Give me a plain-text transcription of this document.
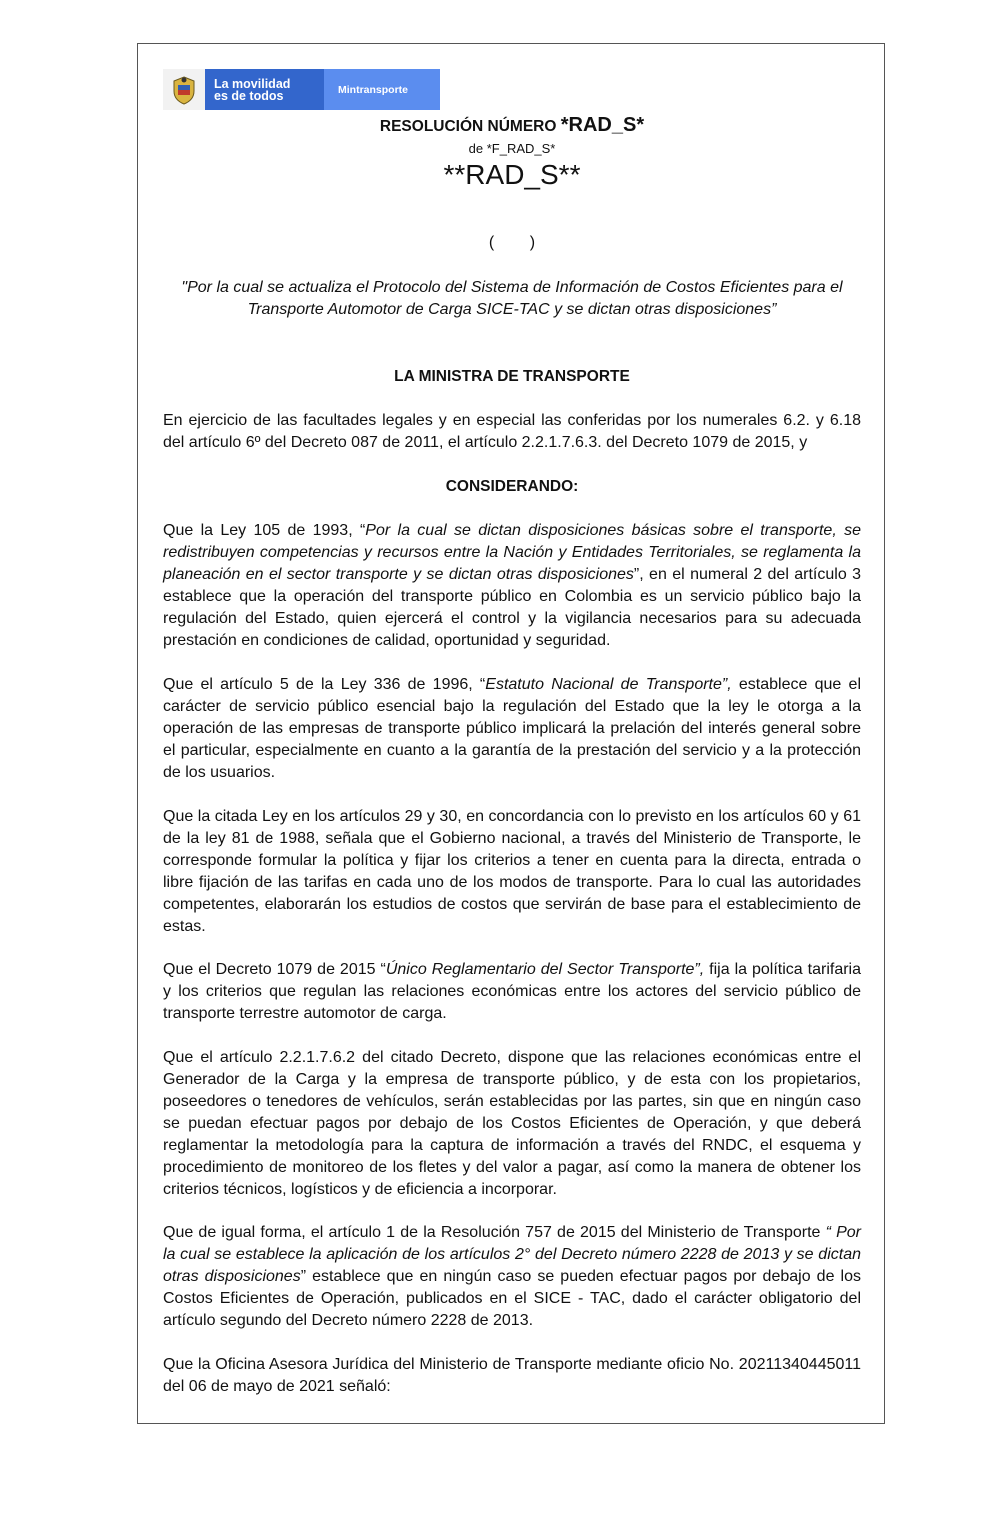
La movilidad
es de todos	Mintransporte
RESOLUCIÓN NÚMERO *RAD_S*
de *F_RAD_S*
**RAD_S**
(        )
"Por la cual se actualiza el Protocolo del Sistema de Información de Costos Eficientes para el Transporte Automotor de Carga SICE-TAC y se dictan otras disposiciones”
LA MINISTRA DE TRANSPORTE

En ejercicio de las facultades legales y en especial las conferidas por los numerales 6.2. y 6.18 del artículo 6º del Decreto 087 de 2011, el artículo 2.2.1.7.6.3. del Decreto 1079 de 2015, y

CONSIDERANDO:

Que la Ley 105 de 1993, “Por la cual se dictan disposiciones básicas sobre el transporte, se redistribuyen competencias y recursos entre la Nación y Entidades Territoriales, se reglamenta la planeación en el sector transporte y se dictan otras disposiciones”, en el numeral 2 del artículo 3 establece que la operación del transporte público en Colombia es un servicio público bajo la regulación del Estado, quien ejercerá el control y la vigilancia necesarios para su adecuada prestación en condiciones de calidad, oportunidad y seguridad.

Que el artículo 5 de la Ley 336 de 1996, “Estatuto Nacional de Transporte”, establece que el carácter de servicio público esencial bajo la regulación del Estado que la ley le otorga a la operación de las empresas de transporte público implicará la prelación del interés general sobre el particular, especialmente en cuanto a la garantía de la prestación del servicio y a la protección de los usuarios.

Que la citada Ley en los artículos 29 y 30, en concordancia con lo previsto en los artículos 60 y 61 de la ley 81 de 1988, señala que el Gobierno nacional, a través del Ministerio de Transporte, le corresponde formular la política y fijar los criterios a tener en cuenta para la directa, entrada o libre fijación de las tarifas en cada uno de los modos de transporte. Para lo cual las autoridades competentes, elaborarán los estudios de costos que servirán de base para el establecimiento de estas.

Que el Decreto 1079 de 2015 “Único Reglamentario del Sector Transporte”, fija la política tarifaria y los criterios que regulan las relaciones económicas entre los actores del servicio público de transporte terrestre automotor de carga.

Que el artículo 2.2.1.7.6.2 del citado Decreto, dispone que las relaciones económicas entre el Generador de la Carga y la empresa de transporte público, y de esta con los propietarios, poseedores o tenedores de vehículos, serán establecidas por las partes, sin que en ningún caso se puedan efectuar pagos por debajo de los Costos Eficientes de Operación, y que deberá reglamentar la metodología para la captura de información a través del RNDC, el esquema y procedimiento de monitoreo de los fletes y del valor a pagar, así como la manera de obtener los criterios técnicos, logísticos y de eficiencia a incorporar.

Que de igual forma, el artículo 1 de la Resolución 757 de 2015 del Ministerio de Transporte “ Por la cual se establece la aplicación de los artículos 2° del Decreto número 2228 de 2013 y se dictan otras disposiciones” establece que en ningún caso se pueden efectuar pagos por debajo de los Costos Eficientes de Operación, publicados en el SICE - TAC, dado el carácter obligatorio del artículo segundo del Decreto número 2228 de 2013.

Que la Oficina Asesora Jurídica del Ministerio de Transporte mediante oficio No. 20211340445011 del 06 de mayo de 2021 señaló:
